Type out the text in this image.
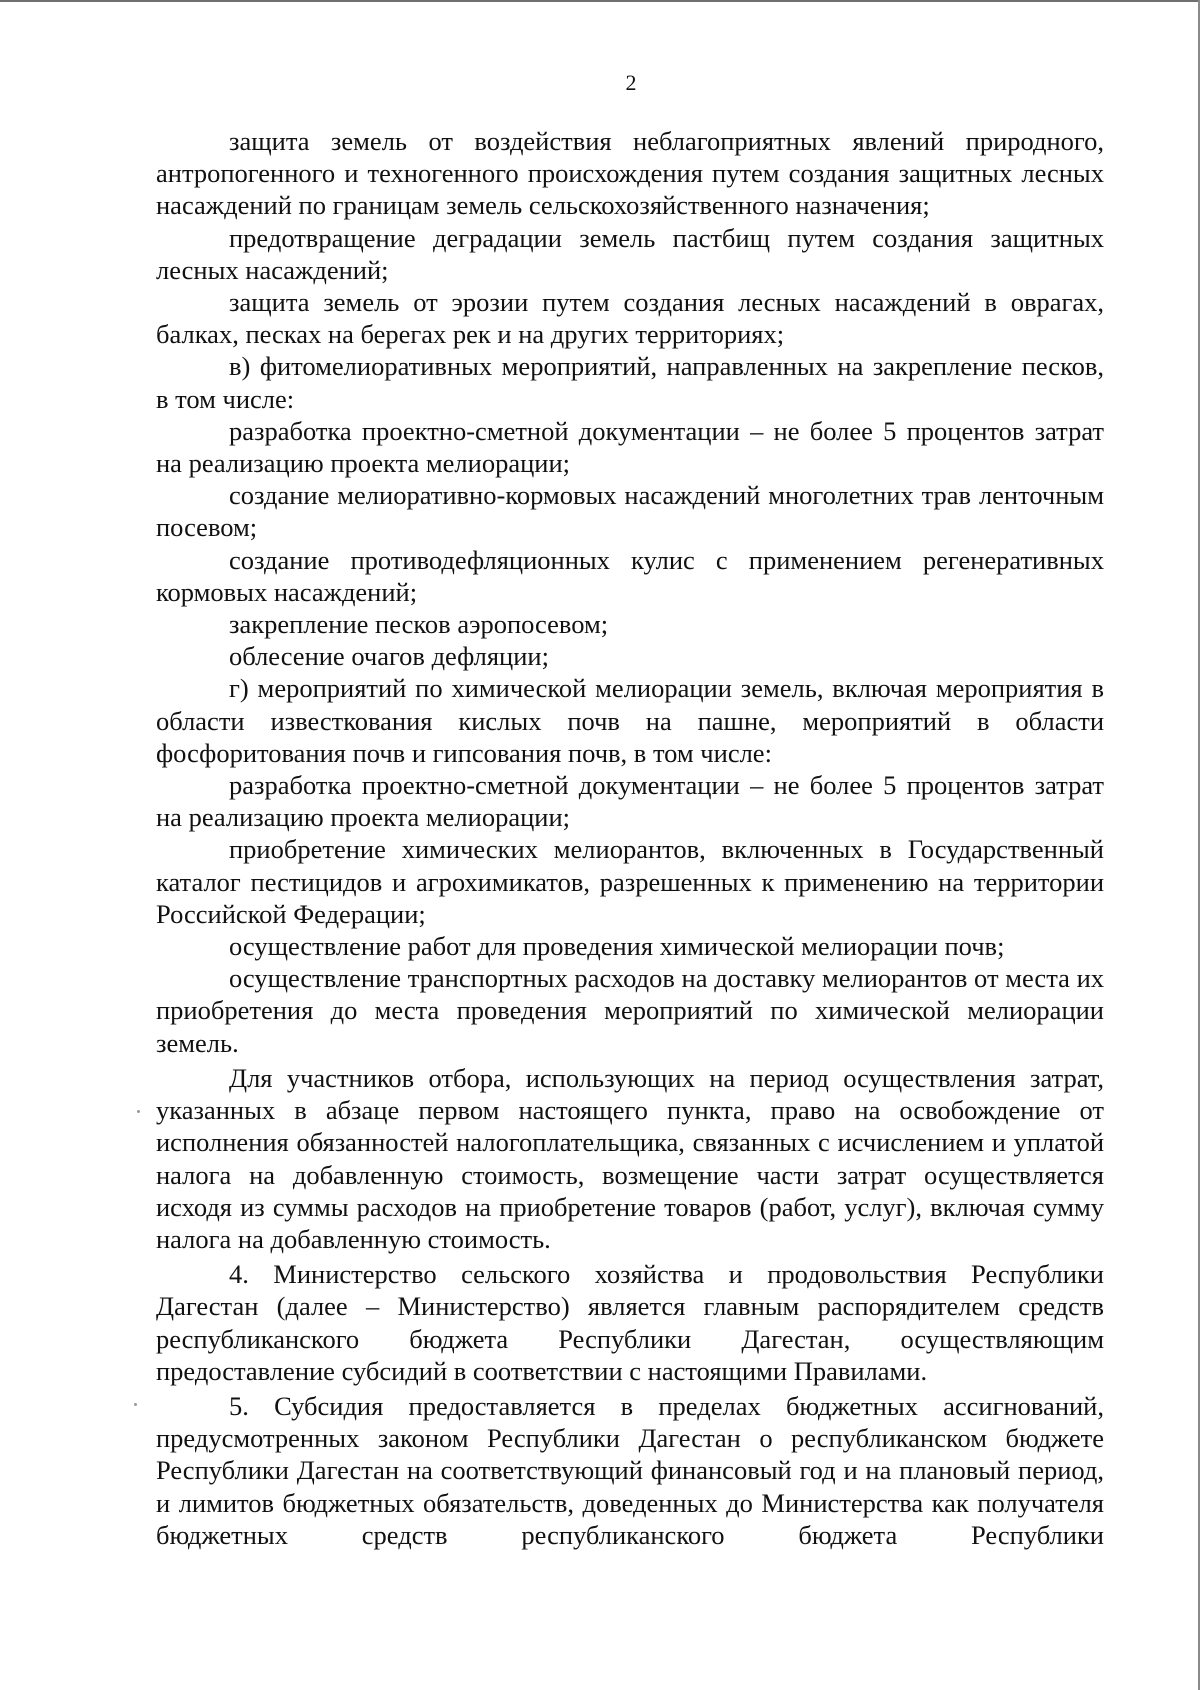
2

защита земель от воздействия неблагоприятных явлений природного, антропогенного и техногенного происхождения путем создания защитных лесных насаждений по границам земель сельскохозяйственного назначения;

предотвращение деградации земель пастбищ путем создания защитных лесных насаждений;

защита земель от эрозии путем создания лесных насаждений в оврагах, балках, песках на берегах рек и на других территориях;

в) фитомелиоративных мероприятий, направленных на закрепление песков, в том числе:

разработка проектно-сметной документации – не более 5 процентов затрат на реализацию проекта мелиорации;

создание мелиоративно-кормовых насаждений многолетних трав ленточным посевом;

создание противодефляционных кулис с применением регенеративных кормовых насаждений;

закрепление песков аэропосевом;

облесение очагов дефляции;

г) мероприятий по химической мелиорации земель, включая мероприятия в области известкования кислых почв на пашне, мероприятий в области фосфоритования почв и гипсования почв, в том числе:

разработка проектно-сметной документации – не более 5 процентов затрат на реализацию проекта мелиорации;

приобретение химических мелиорантов, включенных в Государственный каталог пестицидов и агрохимикатов, разрешенных к применению на территории Российской Федерации;

осуществление работ для проведения химической мелиорации почв;

осуществление транспортных расходов на доставку мелиорантов от места их приобретения до места проведения мероприятий по химической мелиорации земель.

Для участников отбора, использующих на период осуществления затрат, указанных в абзаце первом настоящего пункта, право на освобождение от исполнения обязанностей налогоплательщика, связанных с исчислением и уплатой налога на добавленную стоимость, возмещение части затрат осуществляется исходя из суммы расходов на приобретение товаров (работ, услуг), включая сумму налога на добавленную стоимость.

4. Министерство сельского хозяйства и продовольствия Республики Дагестан (далее – Министерство) является главным распорядителем средств республиканского бюджета Республики Дагестан, осуществляющим предоставление субсидий в соответствии с настоящими Правилами.

5. Субсидия предоставляется в пределах бюджетных ассигнований, предусмотренных законом Республики Дагестан о республиканском бюджете Республики Дагестан на соответствующий финансовый год и на плановый период, и лимитов бюджетных обязательств, доведенных до Министерства как получателя бюджетных средств республиканского бюджета Республики
